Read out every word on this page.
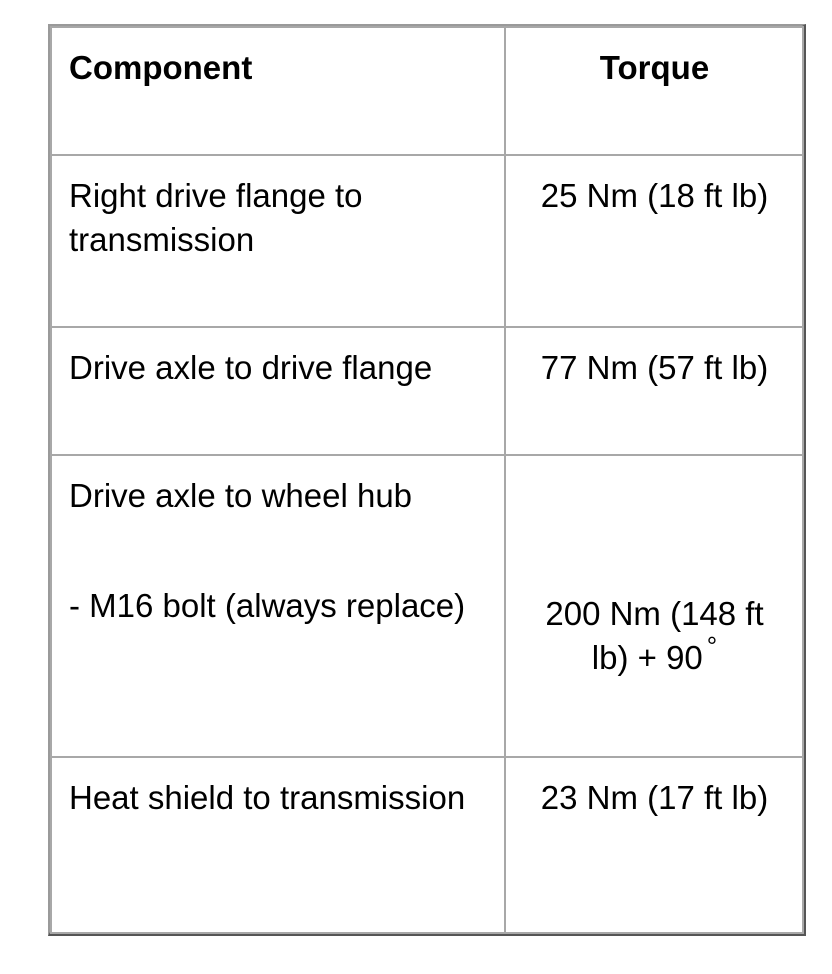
Component	Torque

Right drive flange to transmission	25 Nm (18 ft lb)

Drive axle to drive flange	77 Nm (57 ft lb)

Drive axle to wheel hub
- M16 bolt (always replace)	200 Nm (148 ft lb) + 90 °

Heat shield to transmission	23 Nm (17 ft lb)
